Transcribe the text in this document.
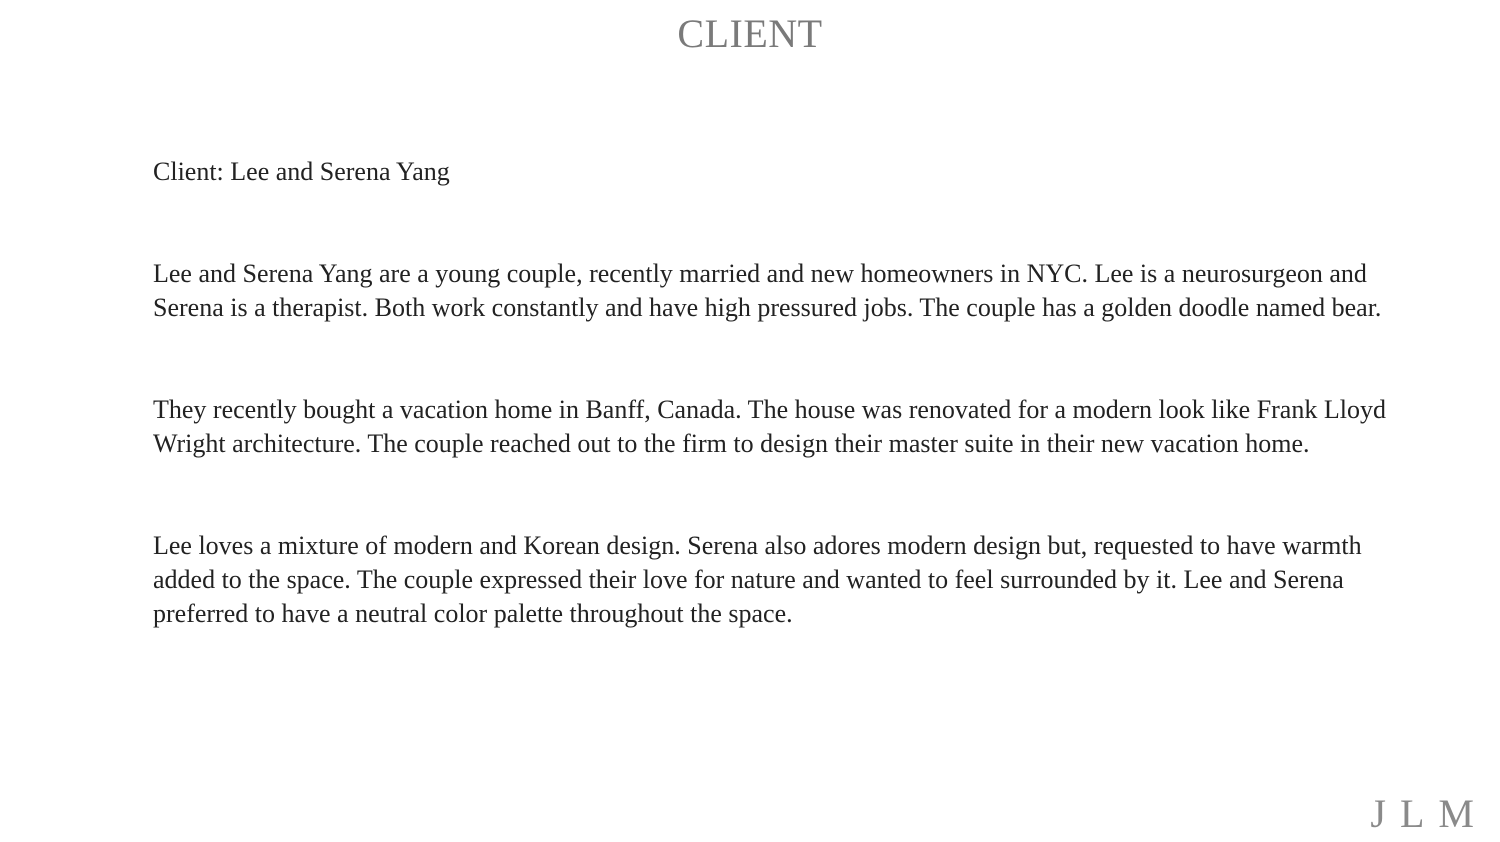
CLIENT

Client: Lee and Serena Yang

Lee and Serena Yang are a young couple, recently married and new homeowners in NYC. Lee is a neurosurgeon and Serena is a therapist. Both work constantly and have high pressured jobs. The couple has a golden doodle named bear.

They recently bought a vacation home in Banff, Canada. The house was renovated for a modern look like Frank Lloyd Wright architecture. The couple reached out to the firm to design their master suite in their new vacation home.

Lee loves a mixture of modern and Korean design. Serena also adores modern design but, requested to have warmth added to the space. The couple expressed their love for nature and wanted to feel surrounded by it. Lee and Serena preferred to have a neutral color palette throughout the space.

JLM
